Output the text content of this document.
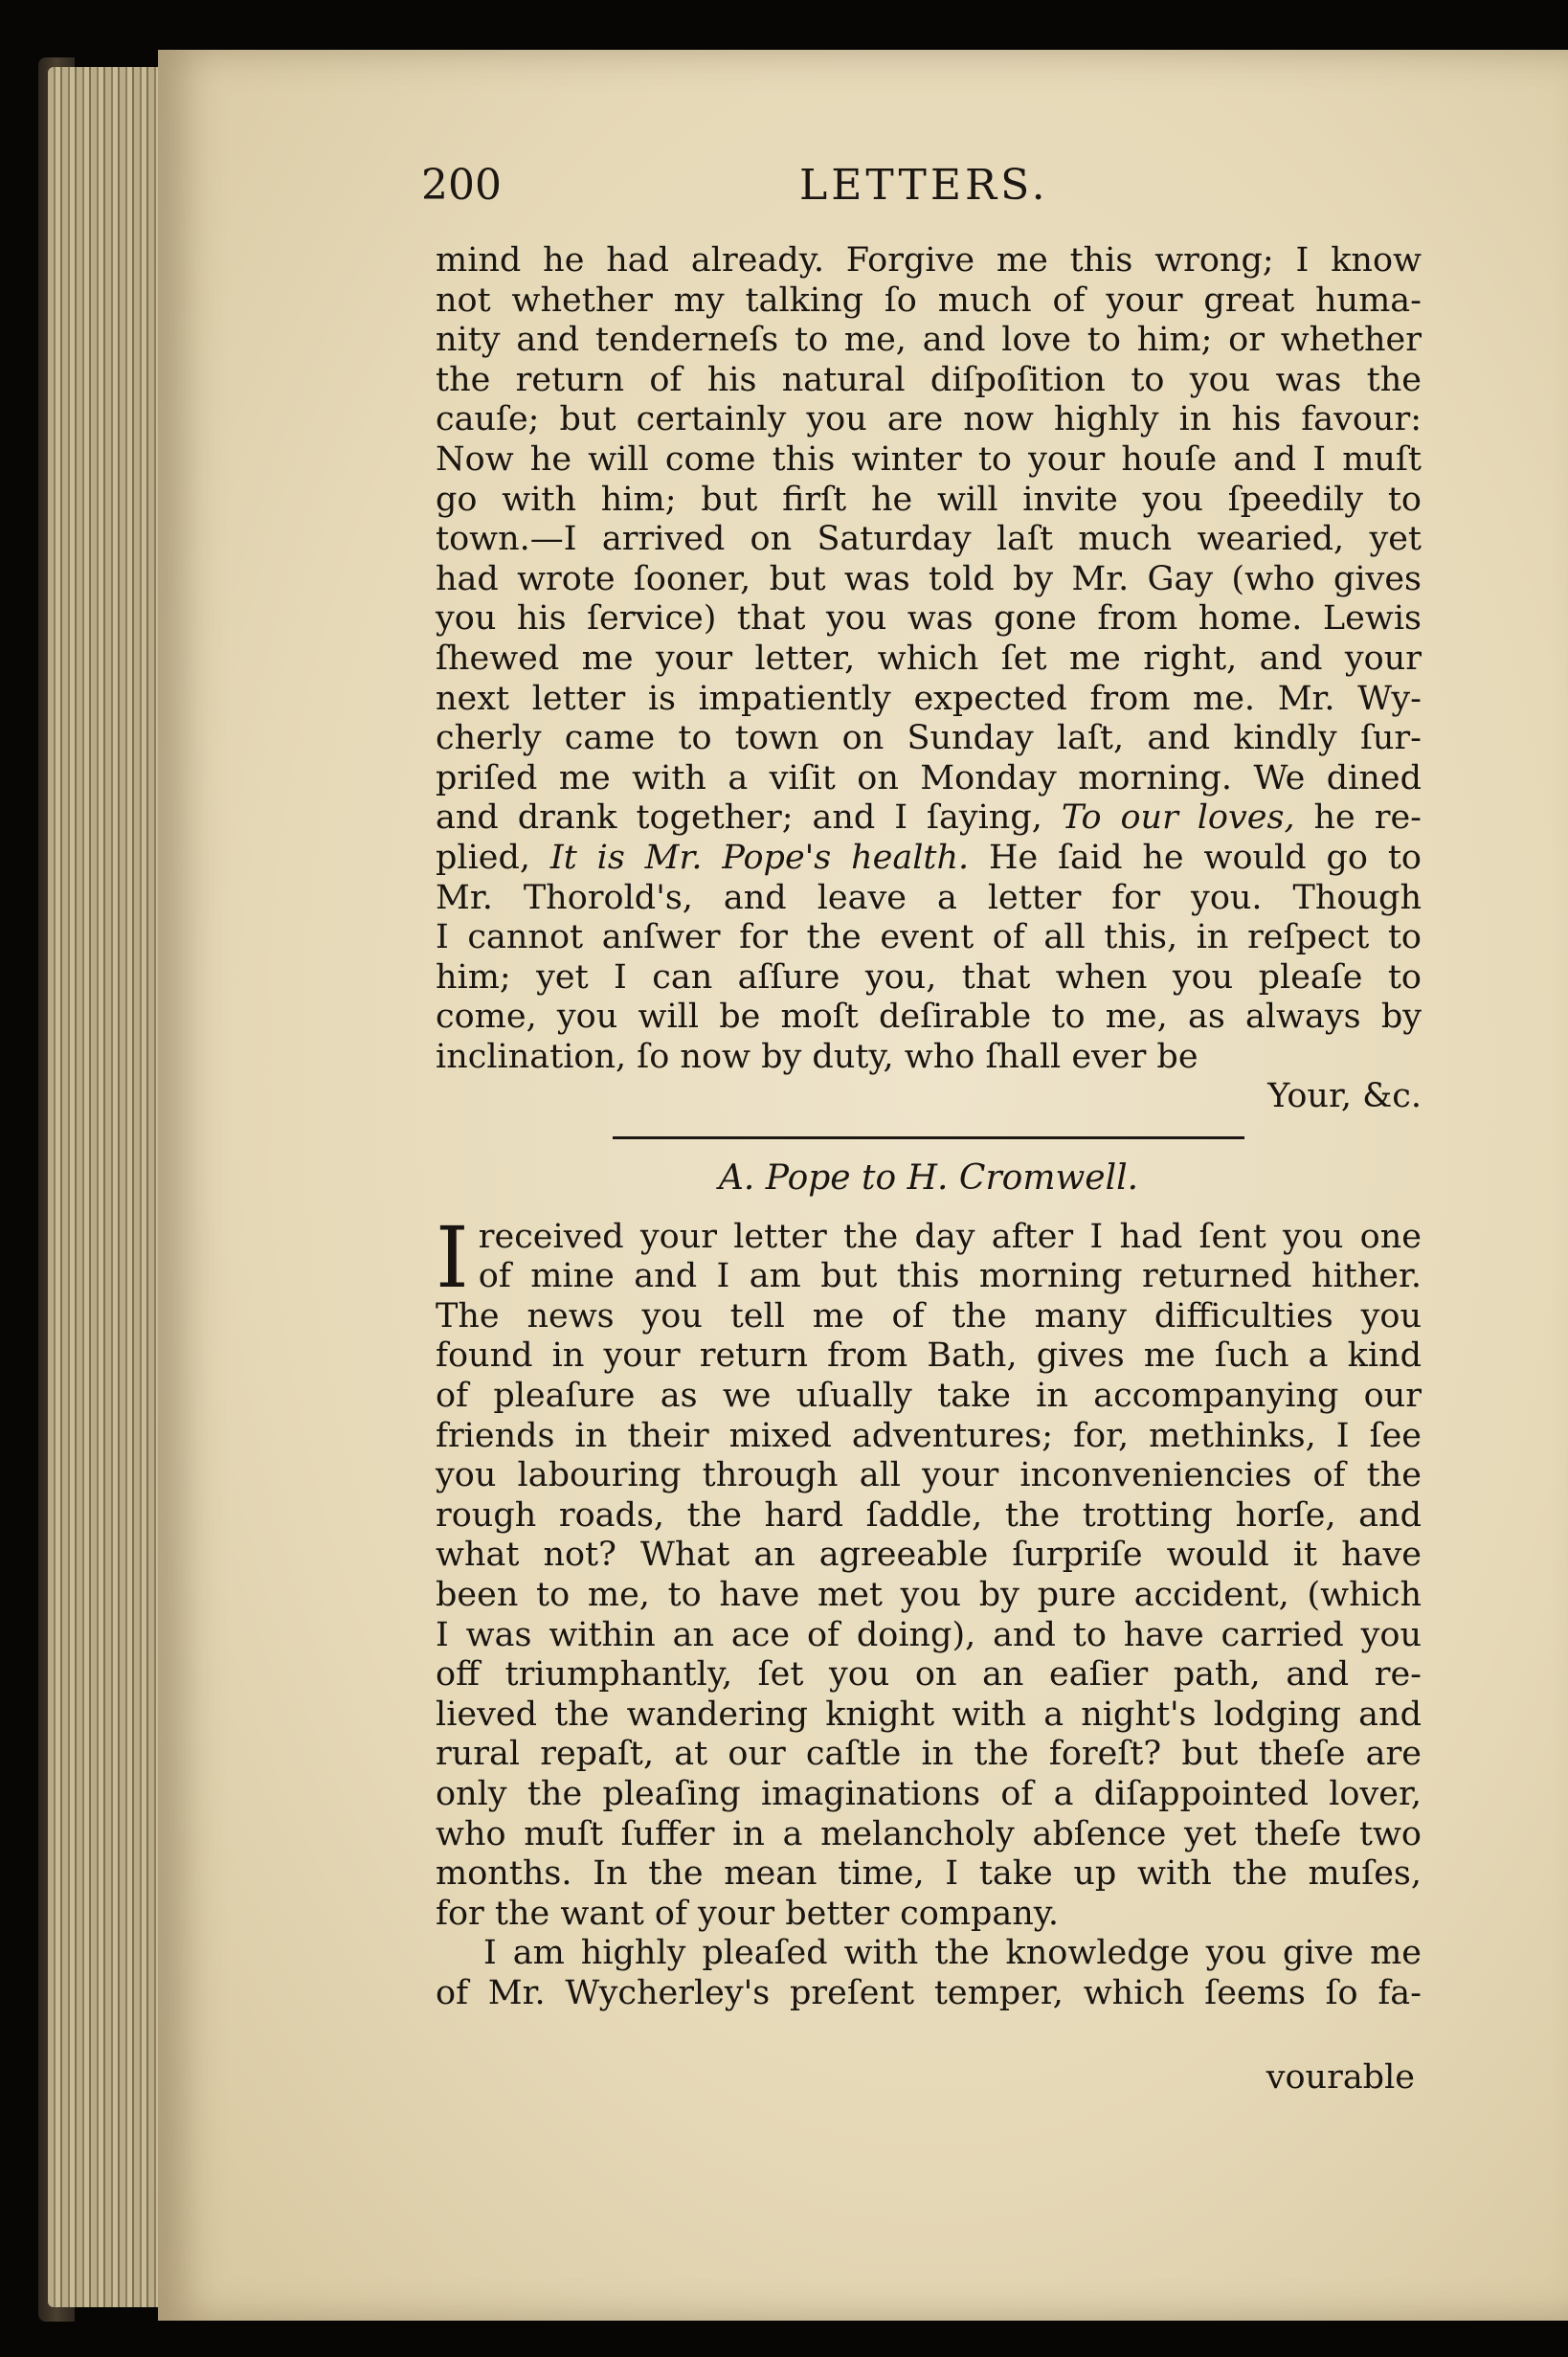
200	LETTERS.
mind he had already. Forgive me this wrong; I know
not whether my talking ſo much of your great huma-
nity and tenderneſs to me, and love to him; or whether
the return of his natural diſpoſition to you was the
cauſe; but certainly you are now highly in his favour:
Now he will come this winter to your houſe and I muſt
go with him; but firſt he will invite you ſpeedily to
town.—I arrived on Saturday laſt much wearied, yet
had wrote ſooner, but was told by Mr. Gay (who gives
you his ſervice) that you was gone from home. Lewis
ſhewed me your letter, which ſet me right, and your
next letter is impatiently expected from me. Mr. Wy-
cherly came to town on Sunday laſt, and kindly ſur-
priſed me with a viſit on Monday morning. We dined
and drank together; and I ſaying, To our loves, he re-
plied, It is Mr. Pope's health. He ſaid he would go to
Mr. Thorold's, and leave a letter for you. Though
I cannot anſwer for the event of all this, in reſpect to
him; yet I can aſſure you, that when you pleaſe to
come, you will be moſt deſirable to me, as always by
inclination, ſo now by duty, who ſhall ever be
Your, &c.
A. Pope to H. Cromwell.
I received your letter the day after I had ſent you one
of mine and I am but this morning returned hither.
The news you tell me of the many difficulties you
found in your return from Bath, gives me ſuch a kind
of pleaſure as we uſually take in accompanying our
friends in their mixed adventures; for, methinks, I ſee
you labouring through all your inconveniencies of the
rough roads, the hard ſaddle, the trotting horſe, and
what not? What an agreeable ſurpriſe would it have
been to me, to have met you by pure accident, (which
I was within an ace of doing), and to have carried you
off triumphantly, ſet you on an eaſier path, and re-
lieved the wandering knight with a night's lodging and
rural repaſt, at our caſtle in the foreſt? but theſe are
only the pleaſing imaginations of a diſappointed lover,
who muſt ſuffer in a melancholy abſence yet theſe two
months. In the mean time, I take up with the muſes,
for the want of your better company.
I am highly pleaſed with the knowledge you give me
of Mr. Wycherley's preſent temper, which ſeems ſo fa-
vourable
